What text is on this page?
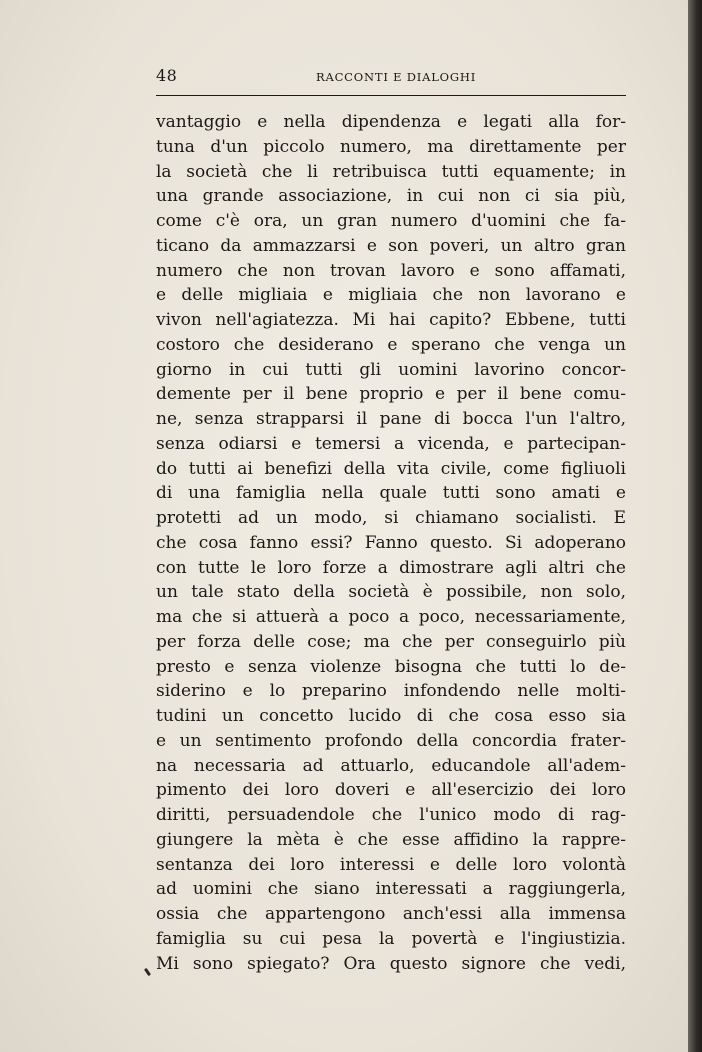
48	RACCONTI E DIALOGHI
vantaggio e nella dipendenza e legati alla for-
tuna d'un piccolo numero, ma direttamente per
la società che li retribuisca tutti equamente; in
una grande associazione, in cui non ci sia più,
come c'è ora, un gran numero d'uomini che fa-
ticano da ammazzarsi e son poveri, un altro gran
numero che non trovan lavoro e sono affamati,
e delle migliaia e migliaia che non lavorano e
vivon nell'agiatezza. Mi hai capito? Ebbene, tutti
costoro che desiderano e sperano che venga un
giorno in cui tutti gli uomini lavorino concor-
demente per il bene proprio e per il bene comu-
ne, senza strapparsi il pane di bocca l'un l'altro,
senza odiarsi e temersi a vicenda, e partecipan-
do tutti ai benefizi della vita civile, come figliuoli
di una famiglia nella quale tutti sono amati e
protetti ad un modo, si chiamano socialisti. E
che cosa fanno essi? Fanno questo. Si adoperano
con tutte le loro forze a dimostrare agli altri che
un tale stato della società è possibile, non solo,
ma che si attuerà a poco a poco, necessariamente,
per forza delle cose; ma che per conseguirlo più
presto e senza violenze bisogna che tutti lo de-
siderino e lo preparino infondendo nelle molti-
tudini un concetto lucido di che cosa esso sia
e un sentimento profondo della concordia frater-
na necessaria ad attuarlo, educandole all'adem-
pimento dei loro doveri e all'esercizio dei loro
diritti, persuadendole che l'unico modo di rag-
giungere la mèta è che esse affidino la rappre-
sentanza dei loro interessi e delle loro volontà
ad uomini che siano interessati a raggiungerla,
ossia che appartengono anch'essi alla immensa
famiglia su cui pesa la povertà e l'ingiustizia.
Mi sono spiegato? Ora questo signore che vedi,
